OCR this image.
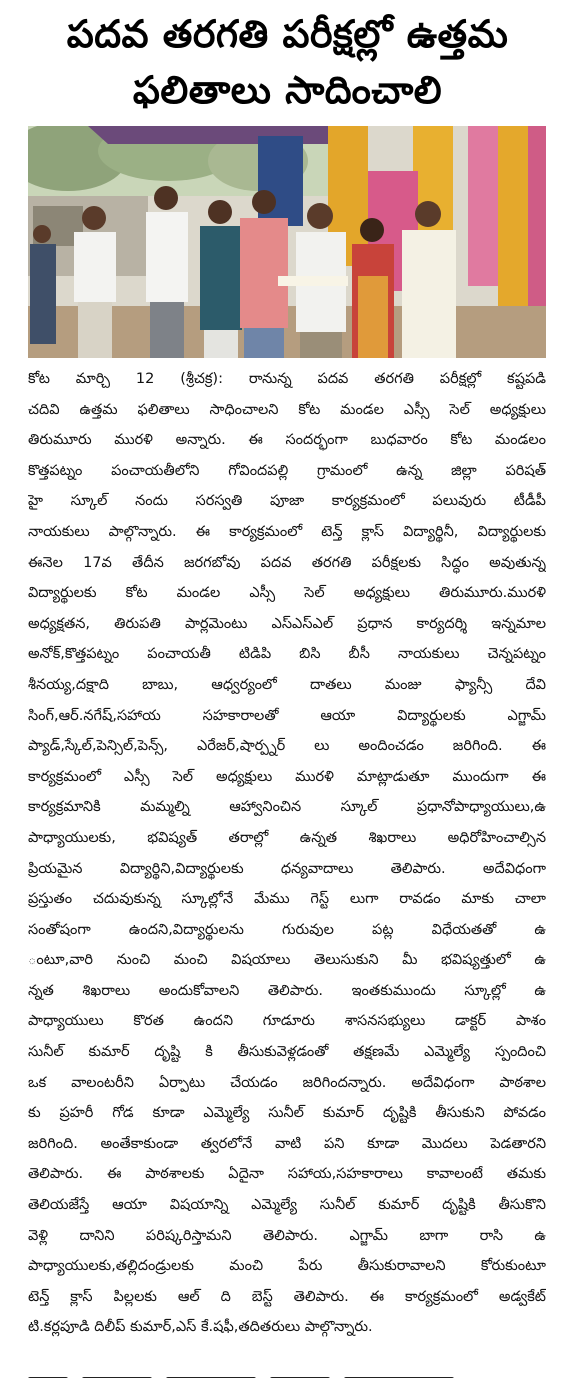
పదవ తరగతి పరీక్షల్లో ఉత్తమ
ఫలితాలు సాదించాలి
కోట మార్చి 12 (శ్రీచక్ర): రానున్న పదవ తరగతి పరీక్షల్లో కష్టపడి
చదివి ఉత్తమ ఫలితాలు సాధించాలని కోట మండల ఎస్సీ సెల్ అధ్యక్షులు
తిరుమూరు మురళి అన్నారు. ఈ సందర్భంగా బుధవారం కోట మండలం
కొత్తపట్నం పంచాయతీలోని గోవిందపల్లి గ్రామంలో ఉన్న జిల్లా పరిషత్
హై స్కూల్ నందు సరస్వతి పూజా కార్యక్రమంలో పలువురు టీడీపీ
నాయకులు పాల్గొన్నారు. ఈ కార్యక్రమంలో టెన్త్ క్లాస్ విద్యార్థినీ, విద్యార్థులకు
ఈనెల 17వ తేదీన జరగబోవు పదవ తరగతి పరీక్షలకు సిద్ధం అవుతున్న
విద్యార్థులకు కోట మండల ఎస్సీ సెల్ అధ్యక్షులు తిరుమూరు.మురళి
అధ్యక్షతన, తిరుపతి పార్లమెంటు ఎస్ఎస్ఎల్ ప్రధాన కార్యదర్శి ఇన్నమాల
అనోక్,కొత్తపట్నం పంచాయతీ టిడిపి బిసి బీసీ నాయకులు చెన్నపట్నం
శీనయ్య,దక్షాది బాబు, ఆధ్వర్యంలో దాతలు మంజు ఫ్యాన్సీ దేవి
సింగ్,ఆర్.నగేష్,సహాయ సహకారాలతో ఆయా విద్యార్థులకు ఎగ్జామ్
ప్యాడ్,స్కేల్,పెన్సిల్,పెన్స్, ఎరేజర్,షార్ప్నర్ లు అందించడం జరిగింది. ఈ
కార్యక్రమంలో ఎస్సీ సెల్ అధ్యక్షులు మురళి మాట్లాడుతూ ముందుగా ఈ
కార్యక్రమానికి మమ్మల్ని ఆహ్వానించిన స్కూల్ ప్రధానోపాధ్యాయులు,ఉ
పాధ్యాయులకు, భవిష్యత్ తరాల్లో ఉన్నత శిఖరాలు అధిరోహించాల్సిన
ప్రియమైన విద్యార్థిని,విద్యార్థులకు ధన్యవాదాలు తెలిపారు. అదేవిధంగా
ప్రస్తుతం చదువుకున్న స్కూల్లోనే మేము గెస్ట్ లుగా రావడం మాకు చాలా
సంతోషంగా ఉందని,విద్యార్థులను గురువుల పట్ల విధేయతతో ఉ
ంటూ,వారి నుంచి మంచి విషయాలు తెలుసుకుని మీ భవిష్యత్తులో ఉ
న్నత శిఖరాలు అందుకోవాలని తెలిపారు. ఇంతకుముందు స్కూల్లో ఉ
పాధ్యాయులు కొరత ఉందని గూడూరు శాసనసభ్యులు డాక్టర్ పాశం
సునీల్ కుమార్ దృష్టి కి తీసుకువెళ్లడంతో తక్షణమే ఎమ్మెల్యే స్పందించి
ఒక వాలంటరీని ఏర్పాటు చేయడం జరిగిందన్నారు. అదేవిధంగా పాఠశాల
కు ప్రహరీ గోడ కూడా ఎమ్మెల్యే సునీల్ కుమార్ దృష్టికి తీసుకుని పోవడం
జరిగింది. అంతేకాకుండా త్వరలోనే వాటి పని కూడా మొదలు పెడతారని
తెలిపారు. ఈ పాఠశాలకు ఏదైనా సహాయ,సహకారాలు కావాలంటే తమకు
తెలియజేస్తే ఆయా విషయాన్ని ఎమ్మెల్యే సునీల్ కుమార్ దృష్టికి తీసుకొని
వెళ్లి దానిని పరిష్కరిస్తామని తెలిపారు. ఎగ్జామ్ బాగా రాసి ఉ
పాధ్యాయులకు,తల్లిదండ్రులకు మంచి పేరు తీసుకురావాలని కోరుకుంటూ
టెన్త్ క్లాస్ పిల్లలకు ఆల్ ది బెస్ట్ తెలిపారు. ఈ కార్యక్రమంలో అడ్వకేట్
టి.కర్లపూడి దిలీప్ కుమార్,ఎస్ కే.షఫీ,తదితరులు పాల్గొన్నారు.
